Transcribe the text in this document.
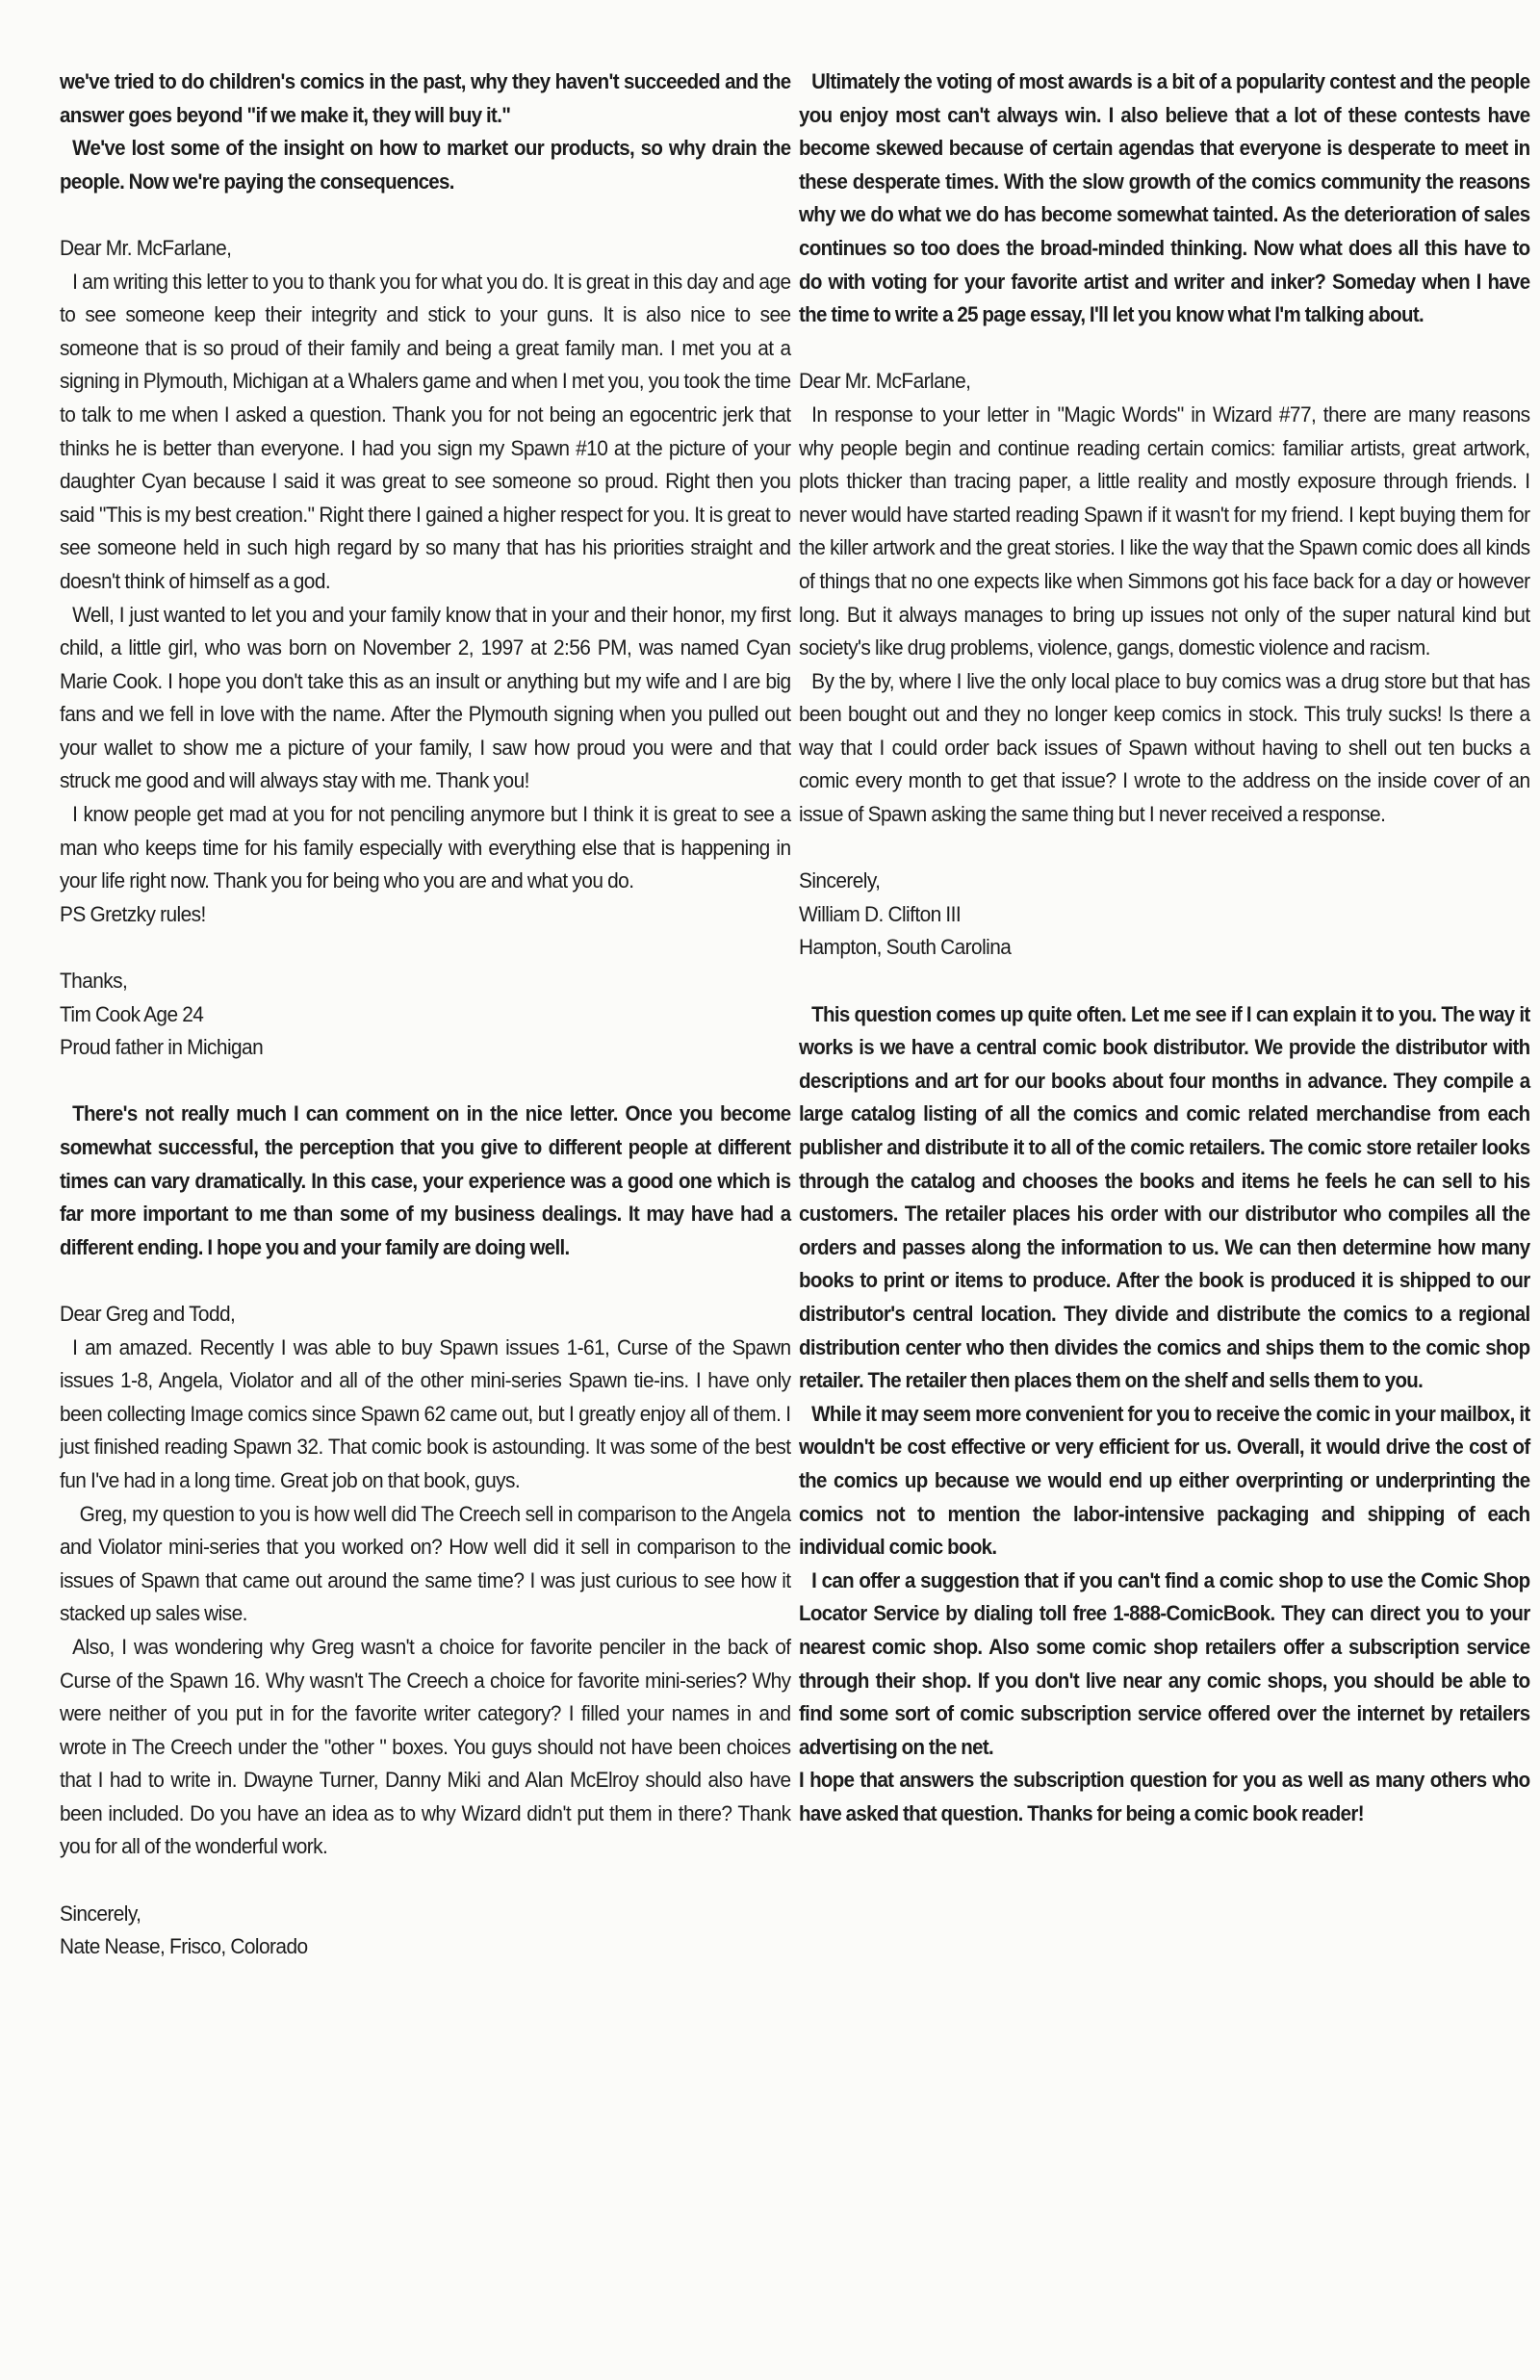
we've tried to do children's comics in the past, why they haven't succeeded and the answer goes beyond "if we make it, they will buy it."
We've lost some of the insight on how to market our products, so why drain the people. Now we're paying the consequences.
Dear Mr. McFarlane,
I am writing this letter to you to thank you for what you do. It is great in this day and age to see someone keep their integrity and stick to your guns. It is also nice to see someone that is so proud of their family and being a great family man. I met you at a signing in Plymouth, Michigan at a Whalers game and when I met you, you took the time to talk to me when I asked a question. Thank you for not being an egocentric jerk that thinks he is better than everyone. I had you sign my Spawn #10 at the picture of your daughter Cyan because I said it was great to see someone so proud. Right then you said "This is my best creation." Right there I gained a higher respect for you. It is great to see someone held in such high regard by so many that has his priorities straight and doesn't think of himself as a god.
Well, I just wanted to let you and your family know that in your and their honor, my first child, a little girl, who was born on November 2, 1997 at 2:56 PM, was named Cyan Marie Cook. I hope you don't take this as an insult or anything but my wife and I are big fans and we fell in love with the name. After the Plymouth signing when you pulled out your wallet to show me a picture of your family, I saw how proud you were and that struck me good and will always stay with me. Thank you!
I know people get mad at you for not penciling anymore but I think it is great to see a man who keeps time for his family especially with everything else that is happening in your life right now. Thank you for being who you are and what you do.
PS Gretzky rules!
Thanks,
Tim Cook Age 24
Proud father in Michigan
There's not really much I can comment on in the nice letter. Once you become somewhat successful, the perception that you give to different people at different times can vary dramatically. In this case, your experience was a good one which is far more important to me than some of my business dealings. It may have had a different ending. I hope you and your family are doing well.
Dear Greg and Todd,
I am amazed. Recently I was able to buy Spawn issues 1-61, Curse of the Spawn issues 1-8, Angela, Violator and all of the other mini-series Spawn tie-ins. I have only been collecting Image comics since Spawn 62 came out, but I greatly enjoy all of them. I just finished reading Spawn 32. That comic book is astounding. It was some of the best fun I've had in a long time. Great job on that book, guys.
Greg, my question to you is how well did The Creech sell in comparison to the Angela and Violator mini-series that you worked on? How well did it sell in comparison to the issues of Spawn that came out around the same time? I was just curious to see how it stacked up sales wise.
Also, I was wondering why Greg wasn't a choice for favorite penciler in the back of Curse of the Spawn 16. Why wasn't The Creech a choice for favorite mini-series? Why were neither of you put in for the favorite writer category? I filled your names in and wrote in The Creech under the "other " boxes. You guys should not have been choices that I had to write in. Dwayne Turner, Danny Miki and Alan McElroy should also have been included. Do you have an idea as to why Wizard didn't put them in there? Thank you for all of the wonderful work.
Sincerely,
Nate Nease, Frisco, Colorado
Ultimately the voting of most awards is a bit of a popularity contest and the people you enjoy most can't always win. I also believe that a lot of these contests have become skewed because of certain agendas that everyone is desperate to meet in these desperate times. With the slow growth of the comics community the reasons why we do what we do has become somewhat tainted. As the deterioration of sales continues so too does the broad-minded thinking. Now what does all this have to do with voting for your favorite artist and writer and inker? Someday when I have the time to write a 25 page essay, I'll let you know what I'm talking about.
Dear Mr. McFarlane,
In response to your letter in "Magic Words" in Wizard #77, there are many reasons why people begin and continue reading certain comics: familiar artists, great artwork, plots thicker than tracing paper, a little reality and mostly exposure through friends. I never would have started reading Spawn if it wasn't for my friend. I kept buying them for the killer artwork and the great stories. I like the way that the Spawn comic does all kinds of things that no one expects like when Simmons got his face back for a day or however long. But it always manages to bring up issues not only of the super natural kind but society's like drug problems, violence, gangs, domestic violence and racism.
By the by, where I live the only local place to buy comics was a drug store but that has been bought out and they no longer keep comics in stock. This truly sucks! Is there a way that I could order back issues of Spawn without having to shell out ten bucks a comic every month to get that issue? I wrote to the address on the inside cover of an issue of Spawn asking the same thing but I never received a response.
Sincerely,
William D. Clifton III
Hampton, South Carolina
This question comes up quite often. Let me see if I can explain it to you. The way it works is we have a central comic book distributor. We provide the distributor with descriptions and art for our books about four months in advance. They compile a large catalog listing of all the comics and comic related merchandise from each publisher and distribute it to all of the comic retailers. The comic store retailer looks through the catalog and chooses the books and items he feels he can sell to his customers. The retailer places his order with our distributor who compiles all the orders and passes along the information to us. We can then determine how many books to print or items to produce. After the book is produced it is shipped to our distributor's central location. They divide and distribute the comics to a regional distribution center who then divides the comics and ships them to the comic shop retailer. The retailer then places them on the shelf and sells them to you.
While it may seem more convenient for you to receive the comic in your mailbox, it wouldn't be cost effective or very efficient for us. Overall, it would drive the cost of the comics up because we would end up either overprinting or underprinting the comics not to mention the labor-intensive packaging and shipping of each individual comic book.
I can offer a suggestion that if you can't find a comic shop to use the Comic Shop Locator Service by dialing toll free 1-888-ComicBook. They can direct you to your nearest comic shop. Also some comic shop retailers offer a subscription service through their shop. If you don't live near any comic shops, you should be able to find some sort of comic subscription service offered over the internet by retailers advertising on the net.
I hope that answers the subscription question for you as well as many others who have asked that question. Thanks for being a comic book reader!
